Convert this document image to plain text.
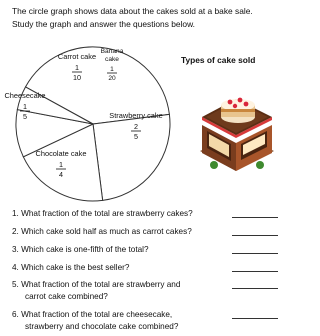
The circle graph shows data about the cakes sold at a bake sale.
Study the graph and answer the questions below.
Strawberry cake
2
5
Chocolate cake
1
4
Cheesecake
1
5
Carrot cake
1
10
Banana
cake
1
20
Types of cake sold
1. What fraction of the total are strawberry cakes?
2. Which cake sold half as much as carrot cakes?
3. Which cake is one-fifth of the total?
4. Which cake is the best seller?
5. What fraction of the total are strawberry and
carrot cake combined?
6. What fraction of the total are cheesecake,
strawberry and chocolate cake combined?
